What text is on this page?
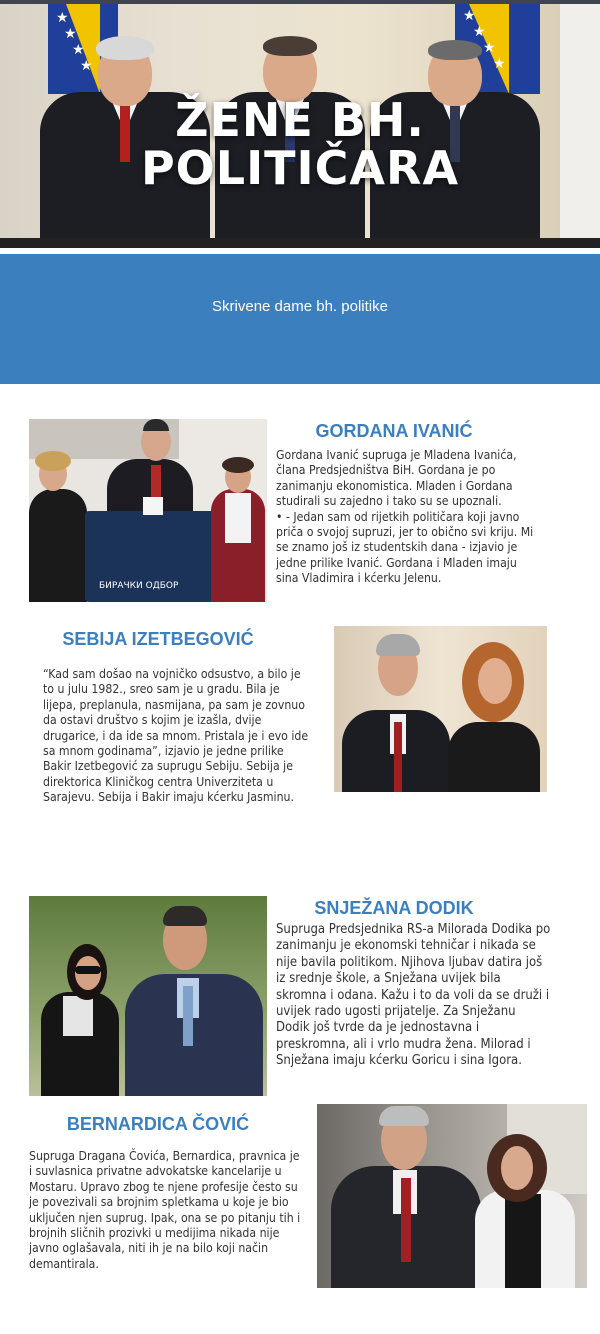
★
★
★
★
★
★
★
★
ŽENE BH.
POLITIČARA
Skrivene dame bh. politike
БИРАЧКИ ОДБОР
GORDANA IVANIĆ
Gordana Ivanić supruga je Mladena Ivanića, člana Predsjedništva BiH. Gordana je po zanimanju ekonomistica. Mladen i Gordana studirali su zajedno i tako su se upoznali.
• - Jedan sam od rijetkih političara koji javno priča o svojoj supruzi, jer to obično svi kriju. Mi se znamo još iz studentskih dana - izjavio je jedne prilike Ivanić. Gordana i Mladen imaju sina Vladimira i kćerku Jelenu.
SEBIJA IZETBEGOVIĆ
“Kad sam došao na vojničko odsustvo, a bilo je to u julu 1982., sreo sam je u gradu. Bila je lijepa, preplanula, nasmijana, pa sam je zovnuo da ostavi društvo s kojim je izašla, dvije drugarice, i da ide sa mnom. Pristala je i evo ide sa mnom godinama”, izjavio je jedne prilike Bakir Izetbegović za suprugu Sebiju. Sebija je direktorica Kliničkog centra Univerziteta u Sarajevu. Sebija i Bakir imaju kćerku Jasminu.
SNJEŽANA DODIK
Supruga Predsjednika RS-a Milorada Dodika po zanimanju je ekonomski tehničar i nikada se nije bavila politikom. Njihova ljubav datira još iz srednje škole, a Snježana uvijek bila skromna i odana. Kažu i to da voli da se druži i uvijek rado ugosti prijatelje. Za Snježanu Dodik još tvrde da je jednostavna i preskromna, ali i vrlo mudra žena. Milorad i Snježana imaju kćerku Goricu i sina Igora.
BERNARDICA ČOVIĆ
Supruga Dragana Čovića, Bernardica, pravnica je i suvlasnica privatne advokatske kancelarije u Mostaru. Upravo zbog te njene profesije često su je povezivali sa brojnim spletkama u koje je bio uključen njen suprug. Ipak, ona se po pitanju tih i brojnih sličnih prozivki u medijima nikada nije javno oglašavala, niti ih je na bilo koji način demantirala.
